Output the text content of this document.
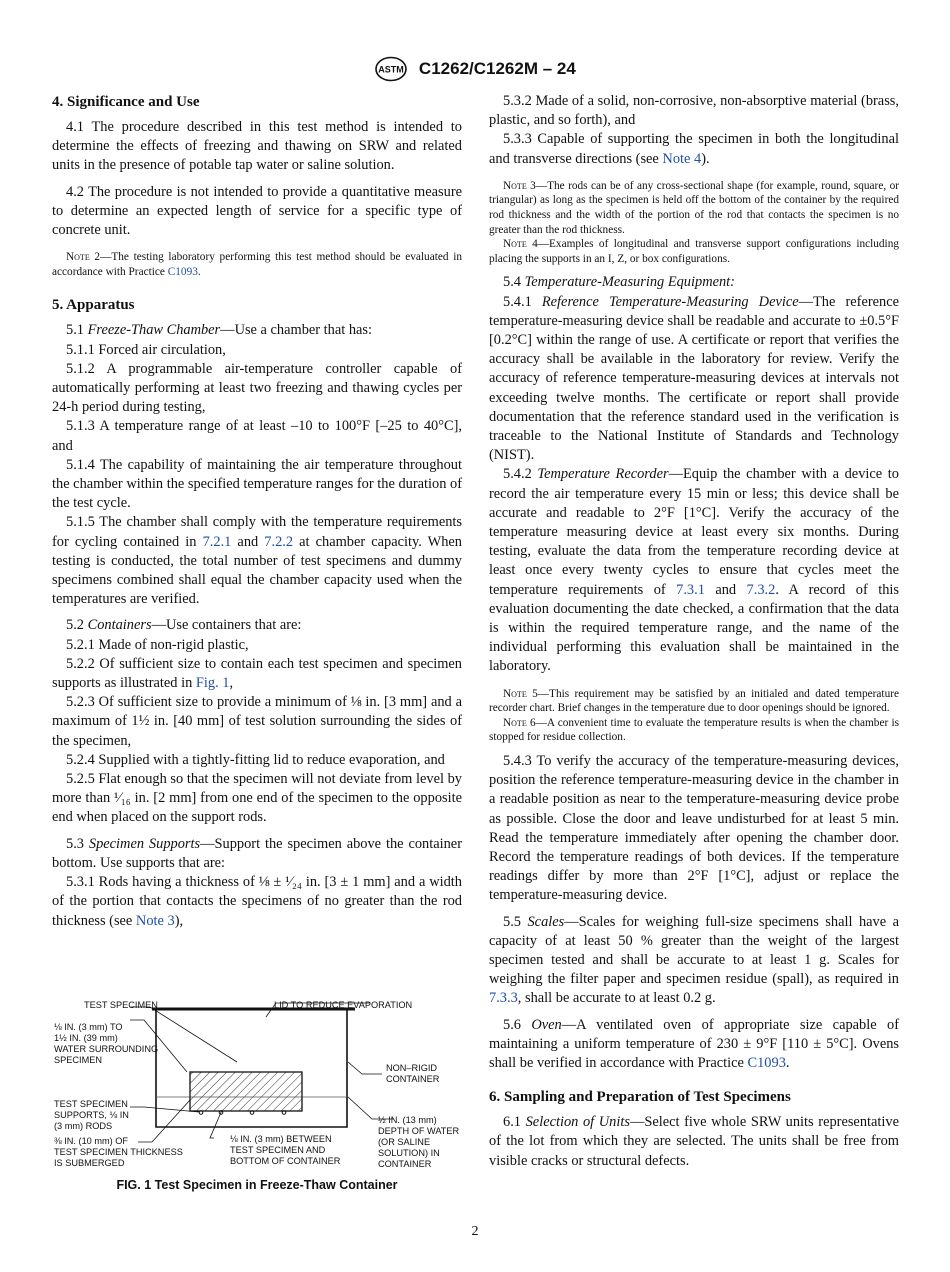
ASTM C1262/C1262M – 24
4. Significance and Use

4.1 The procedure described in this test method is intended to determine the effects of freezing and thawing on SRW and related units in the presence of potable tap water or saline solution.

4.2 The procedure is not intended to provide a quantitative measure to determine an expected length of service for a specific type of concrete unit.

Note 2—The testing laboratory performing this test method should be evaluated in accordance with Practice C1093.

5. Apparatus

5.1 Freeze-Thaw Chamber—Use a chamber that has:

5.1.1 Forced air circulation,

5.1.2 A programmable air-temperature controller capable of automatically performing at least two freezing and thawing cycles per 24-h period during testing,

5.1.3 A temperature range of at least –10 to 100°F [–25 to 40°C], and

5.1.4 The capability of maintaining the air temperature throughout the chamber within the specified temperature ranges for the duration of the test cycle.

5.1.5 The chamber shall comply with the temperature requirements for cycling contained in 7.2.1 and 7.2.2 at chamber capacity. When testing is conducted, the total number of test specimens and dummy specimens combined shall equal the chamber capacity used when the temperatures are verified.

5.2 Containers—Use containers that are:

5.2.1 Made of non-rigid plastic,

5.2.2 Of sufficient size to contain each test specimen and specimen supports as illustrated in Fig. 1,

5.2.3 Of sufficient size to provide a minimum of ⅛ in. [3 mm] and a maximum of 1½ in. [40 mm] of test solution surrounding the sides of the specimen,

5.2.4 Supplied with a tightly-fitting lid to reduce evaporation, and

5.2.5 Flat enough so that the specimen will not deviate from level by more than ¹⁄₁₆ in. [2 mm] from one end of the specimen to the opposite end when placed on the support rods.

5.3 Specimen Supports—Support the specimen above the container bottom. Use supports that are:

5.3.1 Rods having a thickness of ⅛ ± ¹⁄₂₄ in. [3 ± 1 mm] and a width of the portion that contacts the specimens of no greater than the rod thickness (see Note 3),

TEST SPECIMEN	LID TO REDUCE EVAPORATION
⅛ IN. (3 mm) TO
1½ IN. (39 mm)
WATER SURROUNDING
SPECIMEN
NON–RIGID
CONTAINER
TEST SPECIMEN
SUPPORTS, ⅛ IN
(3 mm) RODS
½ IN. (13 mm)
DEPTH OF WATER
(OR SALINE
SOLUTION) IN
CONTAINER
⅜ IN. (10 mm) OF
TEST SPECIMEN THICKNESS
IS SUBMERGED
⅛ IN. (3 mm) BETWEEN
TEST SPECIMEN AND
BOTTOM OF CONTAINER
FIG. 1 Test Specimen in Freeze-Thaw Container

5.3.2 Made of a solid, non-corrosive, non-absorptive material (brass, plastic, and so forth), and

5.3.3 Capable of supporting the specimen in both the longitudinal and transverse directions (see Note 4).

Note 3—The rods can be of any cross-sectional shape (for example, round, square, or triangular) as long as the specimen is held off the bottom of the container by the required rod thickness and the width of the portion of the rod that contacts the specimen is no greater than the rod thickness.

Note 4—Examples of longitudinal and transverse support configurations including placing the supports in an I, Z, or box configurations.

5.4 Temperature-Measuring Equipment:

5.4.1 Reference Temperature-Measuring Device—The reference temperature-measuring device shall be readable and accurate to ±0.5°F [0.2°C] within the range of use. A certificate or report that verifies the accuracy shall be available in the laboratory for review. Verify the accuracy of reference temperature-measuring devices at intervals not exceeding twelve months. The certificate or report shall provide documentation that the reference standard used in the verification is traceable to the National Institute of Standards and Technology (NIST).

5.4.2 Temperature Recorder—Equip the chamber with a device to record the air temperature every 15 min or less; this device shall be accurate and readable to 2°F [1°C]. Verify the accuracy of the temperature measuring device at least every six months. During testing, evaluate the data from the temperature recording device at least once every twenty cycles to ensure that cycles meet the temperature requirements of 7.3.1 and 7.3.2. A record of this evaluation documenting the date checked, a confirmation that the data is within the required temperature range, and the name of the individual performing this evaluation shall be maintained in the laboratory.

Note 5—This requirement may be satisfied by an initialed and dated temperature recorder chart. Brief changes in the temperature due to door openings should be ignored.

Note 6—A convenient time to evaluate the temperature results is when the chamber is stopped for residue collection.

5.4.3 To verify the accuracy of the temperature-measuring devices, position the reference temperature-measuring device in the chamber in a readable position as near to the temperature-measuring device probe as possible. Close the door and leave undisturbed for at least 5 min. Read the temperature immediately after opening the chamber door. Record the temperature readings of both devices. If the temperature readings differ by more than 2°F [1°C], adjust or replace the temperature-measuring device.

5.5 Scales—Scales for weighing full-size specimens shall have a capacity of at least 50 % greater than the weight of the largest specimen tested and shall be accurate to at least 1 g. Scales for weighing the filter paper and specimen residue (spall), as required in 7.3.3, shall be accurate to at least 0.2 g.

5.6 Oven—A ventilated oven of appropriate size capable of maintaining a uniform temperature of 230 ± 9°F [110 ± 5°C]. Ovens shall be verified in accordance with Practice C1093.

6. Sampling and Preparation of Test Specimens

6.1 Selection of Units—Select five whole SRW units representative of the lot from which they are selected. The units shall be free from visible cracks or structural defects.

2
